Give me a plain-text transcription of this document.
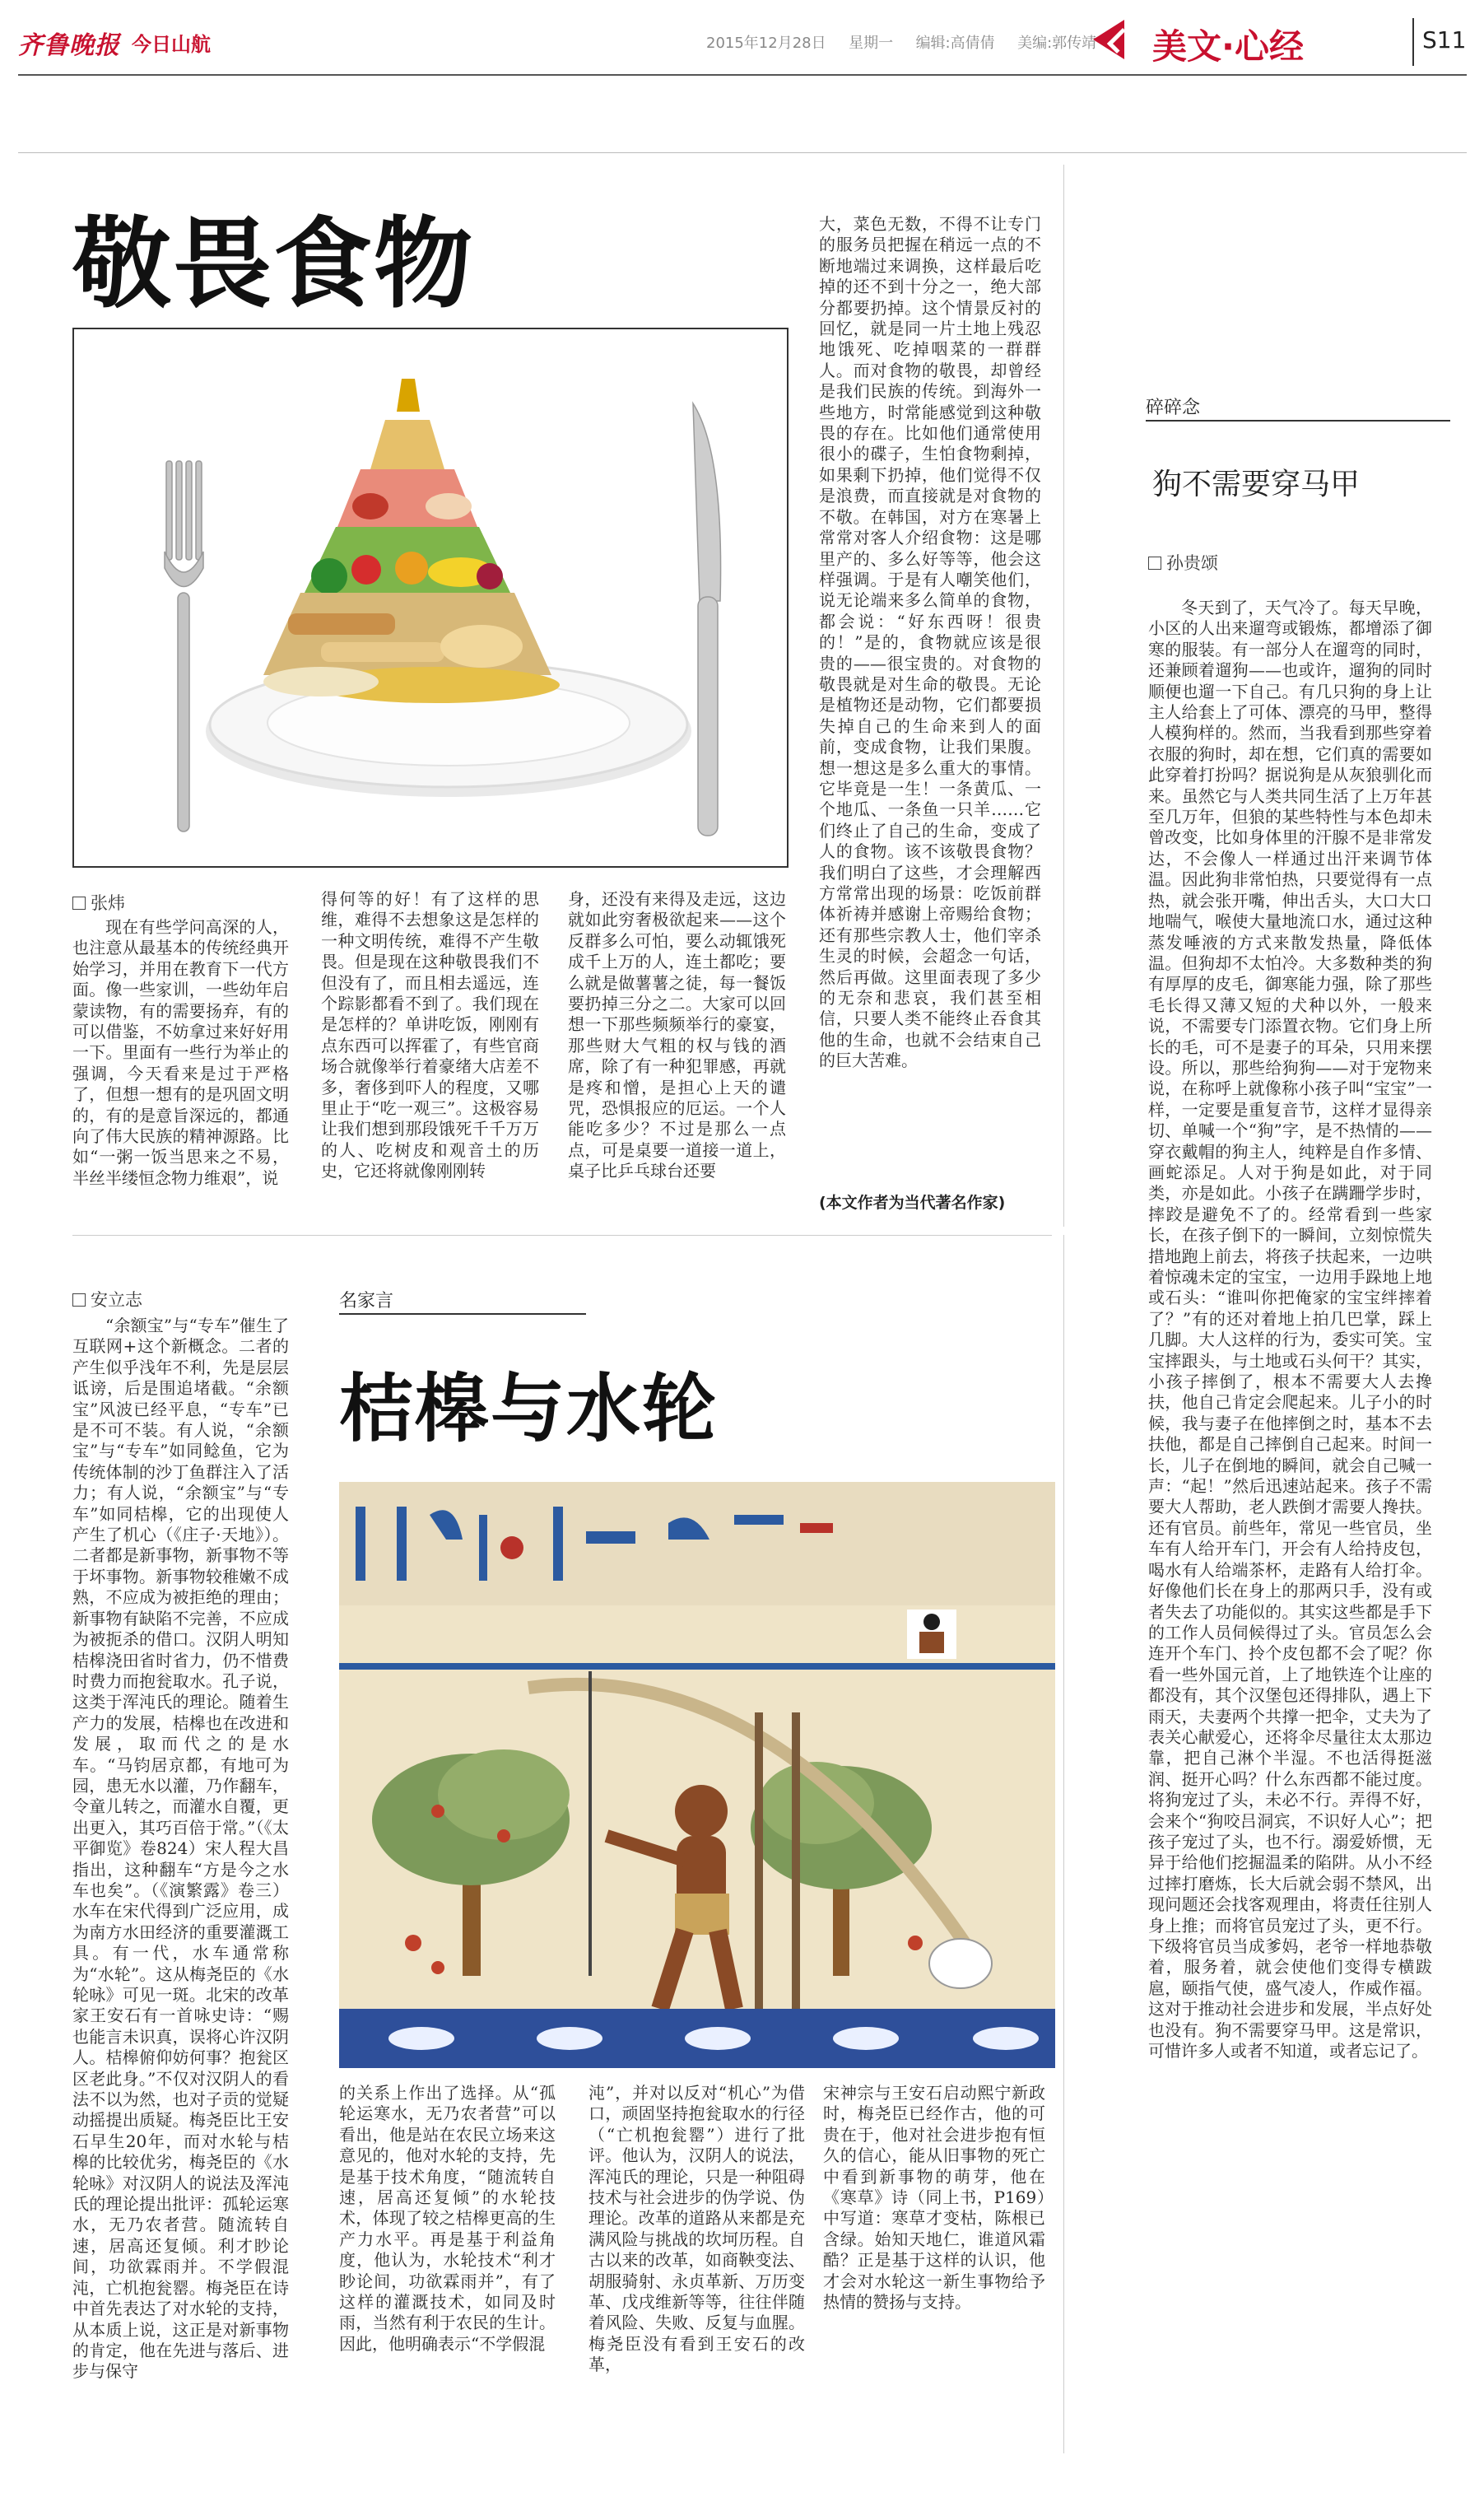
齐鲁晚报 今日山航	2015年12月28日 星期一 编辑:高倩倩 美编:郭传靖 美文·心经	S11
敬畏食物
张炜

现在有些学问高深的人，也注意从最基本的传统经典开始学习，并用在教育下一代方面。像一些家训，一些幼年启蒙读物，有的需要扬弃，有的可以借鉴，不妨拿过来好好用一下。里面有一些行为举止的强调，今天看来是过于严格了，但想一想有的是巩固文明的，有的是意旨深远的，都通向了伟大民族的精神源路。比如“一粥一饭当思来之不易，半丝半缕恒念物力维艰”，说

得何等的好！有了这样的思维，难得不去想象这是怎样的一种文明传统，难得不产生敬畏。但是现在这种敬畏我们不但没有了，而且相去遥远，连个踪影都看不到了。我们现在是怎样的？单讲吃饭，刚刚有点东西可以挥霍了，有些官商场合就像举行着豪绪大店差不多，奢侈到吓人的程度，又哪里止于“吃一观三”。这极容易让我们想到那段饿死千千万万的人、吃树皮和观音土的历史，它还将就像刚刚转

身，还没有来得及走远，这边就如此穷奢极欲起来——这个反群多么可怕，要么动辄饿死成千上万的人，连土都吃；要么就是做薯薯之徒，每一餐饭要扔掉三分之二。大家可以回想一下那些频频举行的豪宴，那些财大气粗的权与钱的酒席，除了有一种犯罪感，再就是疼和憎，是担心上天的谴咒，恐惧报应的厄运。一个人能吃多少？不过是那么一点点，可是桌要一道接一道上，桌子比乒乓球台还要

大，菜色无数，不得不让专门的服务员把握在稍远一点的不断地端过来调换，这样最后吃掉的还不到十分之一，绝大部分都要扔掉。这个情景反衬的回忆，就是同一片土地上残忍地饿死、吃掉咽菜的一群群人。而对食物的敬畏，却曾经是我们民族的传统。到海外一些地方，时常能感觉到这种敬畏的存在。比如他们通常使用很小的碟子，生怕食物剩掉，如果剩下扔掉，他们觉得不仅是浪费，而直接就是对食物的不敬。在韩国，对方在寒暑上常常对客人介绍食物：这是哪里产的、多么好等等，他会这样强调。于是有人嘲笑他们，说无论端来多么简单的食物，都会说：“好东西呀！很贵的！”是的，食物就应该是很贵的——很宝贵的。对食物的敬畏就是对生命的敬畏。无论是植物还是动物，它们都要损失掉自己的生命来到人的面前，变成食物，让我们果腹。想一想这是多么重大的事情。它毕竟是一生！一条黄瓜、一个地瓜、一条鱼一只羊……它们终止了自己的生命，变成了人的食物。该不该敬畏食物？我们明白了这些，才会理解西方常常出现的场景：吃饭前群体祈祷并感谢上帝赐给食物；还有那些宗教人士，他们宰杀生灵的时候，会超念一句话，然后再做。这里面表现了多少的无奈和悲哀，我们甚至相信，只要人类不能终止吞食其他的生命，也就不会结束自己的巨大苦难。

(本文作者为当代著名作家)
碎碎念
狗不需要穿马甲
孙贵颂

冬天到了，天气冷了。每天早晚，小区的人出来遛弯或锻炼，都增添了御寒的服装。有一部分人在遛弯的同时，还兼顾着遛狗——也或许，遛狗的同时顺便也遛一下自己。有几只狗的身上让主人给套上了可体、漂亮的马甲，整得人模狗样的。然而，当我看到那些穿着衣服的狗时，却在想，它们真的需要如此穿着打扮吗？据说狗是从灰狼驯化而来。虽然它与人类共同生活了上万年甚至几万年，但狼的某些特性与本色却未曾改变，比如身体里的汗腺不是非常发达，不会像人一样通过出汗来调节体温。因此狗非常怕热，只要觉得有一点热，就会张开嘴，伸出舌头，大口大口地喘气，喉使大量地流口水，通过这种蒸发唾液的方式来散发热量，降低体温。但狗却不太怕冷。大多数种类的狗有厚厚的皮毛，御寒能力强，除了那些毛长得又薄又短的犬种以外，一般来说，不需要专门添置衣物。它们身上所长的毛，可不是妻子的耳朵，只用来摆设。所以，那些给狗狗——对于宠物来说，在称呼上就像称小孩子叫“宝宝”一样，一定要是重复音节，这样才显得亲切、单喊一个“狗”字，是不热情的——穿衣戴帽的狗主人，纯粹是自作多情、画蛇添足。人对于狗是如此，对于同类，亦是如此。小孩子在蹒跚学步时，摔跤是避免不了的。经常看到一些家长，在孩子倒下的一瞬间，立刻惊慌失措地跑上前去，将孩子扶起来，一边哄着惊魂未定的宝宝，一边用手跺地上地或石头：“谁叫你把俺家的宝宝绊摔着了？”有的还对着地上拍几巴掌，踩上几脚。大人这样的行为，委实可笑。宝宝摔跟头，与土地或石头何干？其实，小孩子摔倒了，根本不需要大人去搀扶，他自己肯定会爬起来。儿子小的时候，我与妻子在他摔倒之时，基本不去扶他，都是自己摔倒自己起来。时间一长，儿子在倒地的瞬间，就会自己喊一声：“起！”然后迅速站起来。孩子不需要大人帮助，老人跌倒才需要人搀扶。还有官员。前些年，常见一些官员，坐车有人给开车门，开会有人给持皮包，喝水有人给端茶杯，走路有人给打伞。好像他们长在身上的那两只手，没有或者失去了功能似的。其实这些都是手下的工作人员伺候得过了头。官员怎么会连开个车门、拎个皮包都不会了呢？你看一些外国元首，上了地铁连个让座的都没有，其个汉堡包还得排队，遇上下雨天，夫妻两个共撑一把伞，丈夫为了表关心献爱心，还将伞尽量往太太那边靠，把自己淋个半湿。不也活得挺滋润、挺开心吗？什么东西都不能过度。将狗宠过了头，未必不行。弄得不好，会来个“狗咬吕洞宾，不识好人心”；把孩子宠过了头，也不行。溺爱娇惯，无异于给他们挖掘温柔的陷阱。从小不经过摔打磨炼，长大后就会弱不禁风，出现问题还会找客观理由，将责任往别人身上推；而将官员宠过了头，更不行。下级将官员当成爹妈，老爷一样地恭敬着，服务着，就会使他们变得专横跋扈，颐指气使，盛气凌人，作威作福。这对于推动社会进步和发展，半点好处也没有。狗不需要穿马甲。这是常识，可惜许多人或者不知道，或者忘记了。

安立志

“余额宝”与“专车”催生了互联网+这个新概念。二者的产生似乎浅年不利，先是层层诋谤，后是围追堵截。“余额宝”风波已经平息，“专车”已是不可不装。有人说，“余额宝”与“专车”如同鲶鱼，它为传统体制的沙丁鱼群注入了活力；有人说，“余额宝”与“专车”如同桔槔，它的出现使人产生了机心（《庄子·天地》）。二者都是新事物，新事物不等于坏事物。新事物较稚嫩不成熟，不应成为被拒绝的理由；新事物有缺陷不完善，不应成为被扼杀的借口。汉阴人明知桔槔浇田省时省力，仍不惜费时费力而抱瓮取水。孔子说，这类于浑沌氏的理论。随着生产力的发展，桔槔也在改进和发展，取而代之的是水车。“马钧居京都，有地可为园，患无水以灌，乃作翻车，令童儿转之，而灌水自覆，更出更入，其巧百倍于常。”（《太平御览》卷824）宋人程大昌指出，这种翻车“方是今之水车也矣”。（《演繁露》卷三）水车在宋代得到广泛应用，成为南方水田经济的重要灌溉工具。有一代，水车通常称为“水轮”。这从梅尧臣的《水轮咏》可见一斑。北宋的改革家王安石有一首咏史诗：“赐也能言未识真，误将心许汉阴人。桔槔俯仰妨何事？抱瓮区区老此身。”不仅对汉阴人的看法不以为然，也对子贡的觉疑动摇提出质疑。梅尧臣比王安石早生20年，而对水轮与桔槔的比较优劣，梅尧臣的《水轮咏》对汉阴人的说法及浑沌氏的理论提出批评：孤轮运寒水，无乃农者营。随流转自速，居高还复倾。利才眇论间，功欲霖雨并。不学假混沌，亡机抱瓮罂。梅尧臣在诗中首先表达了对水轮的支持，从本质上说，这正是对新事物的肯定，他在先进与落后、进步与保守

名家言
桔槔与水轮

的关系上作出了选择。从“孤轮运寒水，无乃农者营”可以看出，他是站在农民立场来这意见的，他对水轮的支持，先是基于技术角度，“随流转自速，居高还复倾”的水轮技术，体现了较之桔槔更高的生产力水平。再是基于利益角度，他认为，水轮技术“利才眇论间，功欲霖雨并”，有了这样的灌溉技术，如同及时雨，当然有利于农民的生计。因此，他明确表示“不学假混

沌”，并对以反对“机心”为借口，顽固坚持抱瓮取水的行径（“亡机抱瓮罂”）进行了批评。他认为，汉阴人的说法，浑沌氏的理论，只是一种阻碍技术与社会进步的伪学说、伪理论。改革的道路从来都是充满风险与挑战的坎坷历程。自古以来的改革，如商鞅变法、胡服骑射、永贞革新、万历变革、戊戌维新等等，往往伴随着风险、失败、反复与血腥。梅尧臣没有看到王安石的改革，

宋神宗与王安石启动熙宁新政时，梅尧臣已经作古，他的可贵在于，他对社会进步抱有恒久的信心，能从旧事物的死亡中看到新事物的萌芽，他在《寒草》诗（同上书，P169）中写道：寒草才变枯，陈根已含绿。始知天地仁，谁道风霜酷？正是基于这样的认识，他才会对水轮这一新生事物给予热情的赞扬与支持。
